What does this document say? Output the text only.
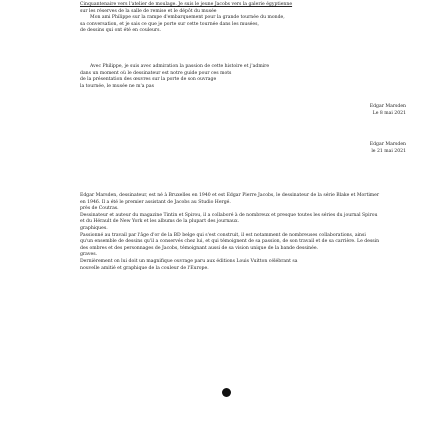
Cinquantenaire vers l'atelier de moulage. Je suis le jeune Jacobs vers la galerie égyptienne

sur les réserves de la salle de remise et le dépôt du musée

Mon ami Philippe sur la rampe d'embarquement pour la grande tournée du monde,

sa conversation, et je sais ce que je porte sur cette tournée dans les musées,

de dessins qui ont été en couleurs.

Avec Philippe, je suis avec admiration la passion de cette histoire et j'admire

dans un moment où le dessinateur est notre guide pour ces mots

de la présentation des œuvres sur la porte de son ouvrage

la tournée, le musée ne m'a pas

Edgar Marsden

Le 8 mai 2021

Edgar Marsden

le 21 mai 2021

Edgar Marsden, dessinateur, est né à Bruxelles en 1940 et est Edgar Pierre Jacobs, le dessinateur de la série Blake et Mortimer en 1946. Il a été le premier assistant de Jacobs au Studio Hergé.

près de Coutras.

Dessinateur et auteur du magazine Tintin et Spirou, il a collaboré à de nombreux et presque toutes les séries du journal Spirou et du Hérault de New York et les albums de la plupart des journaux.

graphiques.

Passionné au travail par l'âge d'or de la BD belge qui s'est construit, il est notamment de nombreuses collaborations, ainsi qu'un ensemble de dessins qu'il a conservés chez lui, et qui témoignent de sa passion, de son travail et de sa carrière. Le dessin des ombres et des personnages de Jacobs, témoignant aussi de sa vision unique de la bande dessinée.

graves.

Dernièrement on lui doit un magnifique ouvrage paru aux éditions Louis Vuitton célébrant sa

nouvelle amitié et graphique de la couleur de l'Europe.
